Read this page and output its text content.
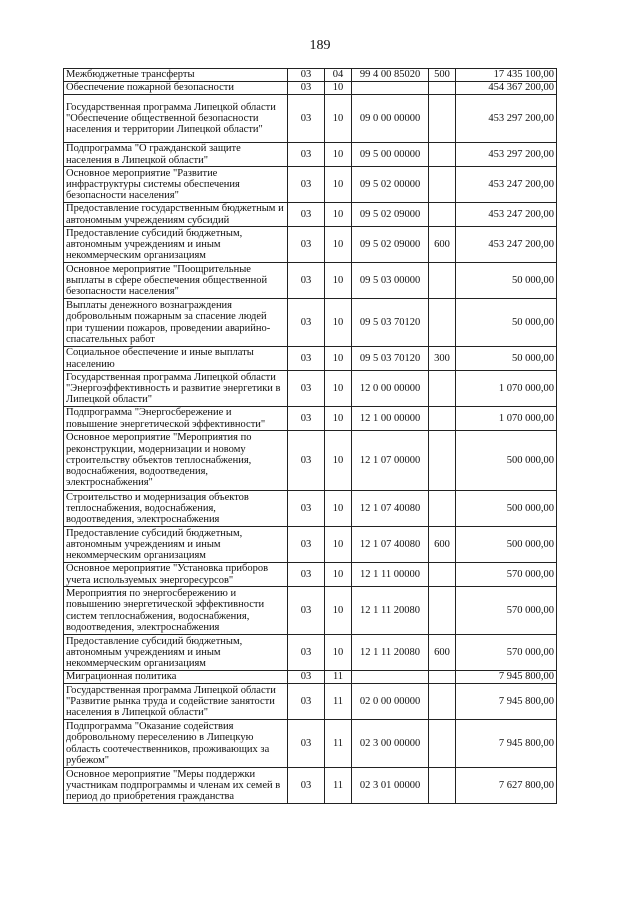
189
Межбюджетные трансферты	03	04	99 4 00 85020	500	17 435 100,00
Обеспечение пожарной безопасности	03	10			454 367 200,00
Государственная программа Липецкой области "Обеспечение общественной безопасности населения и территории Липецкой области"	03	10	09 0 00 00000		453 297 200,00
Подпрограмма "О гражданской защите населения в Липецкой области"	03	10	09 5 00 00000		453 297 200,00
Основное мероприятие "Развитие инфраструктуры системы обеспечения безопасности населения"	03	10	09 5 02 00000		453 247 200,00
Предоставление государственным бюджетным и автономным учреждениям субсидий	03	10	09 5 02 09000		453 247 200,00
Предоставление субсидий бюджетным, автономным учреждениям и иным некоммерческим организациям	03	10	09 5 02 09000	600	453 247 200,00
Основное мероприятие "Поощрительные выплаты в сфере обеспечения общественной безопасности населения"	03	10	09 5 03 00000		50 000,00
Выплаты денежного вознаграждения добровольным пожарным за спасение людей при тушении пожаров, проведении аварийно-спасательных работ	03	10	09 5 03 70120		50 000,00
Социальное обеспечение и иные выплаты населению	03	10	09 5 03 70120	300	50 000,00
Государственная программа Липецкой области "Энергоэффективность и развитие энергетики в Липецкой области"	03	10	12 0 00 00000		1 070 000,00
Подпрограмма "Энергосбережение и повышение энергетической эффективности"	03	10	12 1 00 00000		1 070 000,00
Основное мероприятие "Мероприятия по реконструкции, модернизации и новому строительству объектов теплоснабжения, водоснабжения, водоотведения, электроснабжения"	03	10	12 1 07 00000		500 000,00
Строительство и модернизация объектов теплоснабжения, водоснабжения, водоотведения, электроснабжения	03	10	12 1 07 40080		500 000,00
Предоставление субсидий бюджетным, автономным учреждениям и иным некоммерческим организациям	03	10	12 1 07 40080	600	500 000,00
Основное мероприятие "Установка приборов учета используемых энергоресурсов"	03	10	12 1 11 00000		570 000,00
Мероприятия по энергосбережению и повышению энергетической эффективности систем теплоснабжения, водоснабжения, водоотведения, электроснабжения	03	10	12 1 11 20080		570 000,00
Предоставление субсидий бюджетным, автономным учреждениям и иным некоммерческим организациям	03	10	12 1 11 20080	600	570 000,00
Миграционная политика	03	11			7 945 800,00
Государственная программа Липецкой области "Развитие рынка труда и содействие занятости населения в Липецкой области"	03	11	02 0 00 00000		7 945 800,00
Подпрограмма "Оказание содействия добровольному переселению в Липецкую область соотечественников, проживающих за рубежом"	03	11	02 3 00 00000		7 945 800,00
Основное мероприятие "Меры поддержки участникам подпрограммы и членам их семей в период до приобретения гражданства	03	11	02 3 01 00000		7 627 800,00
